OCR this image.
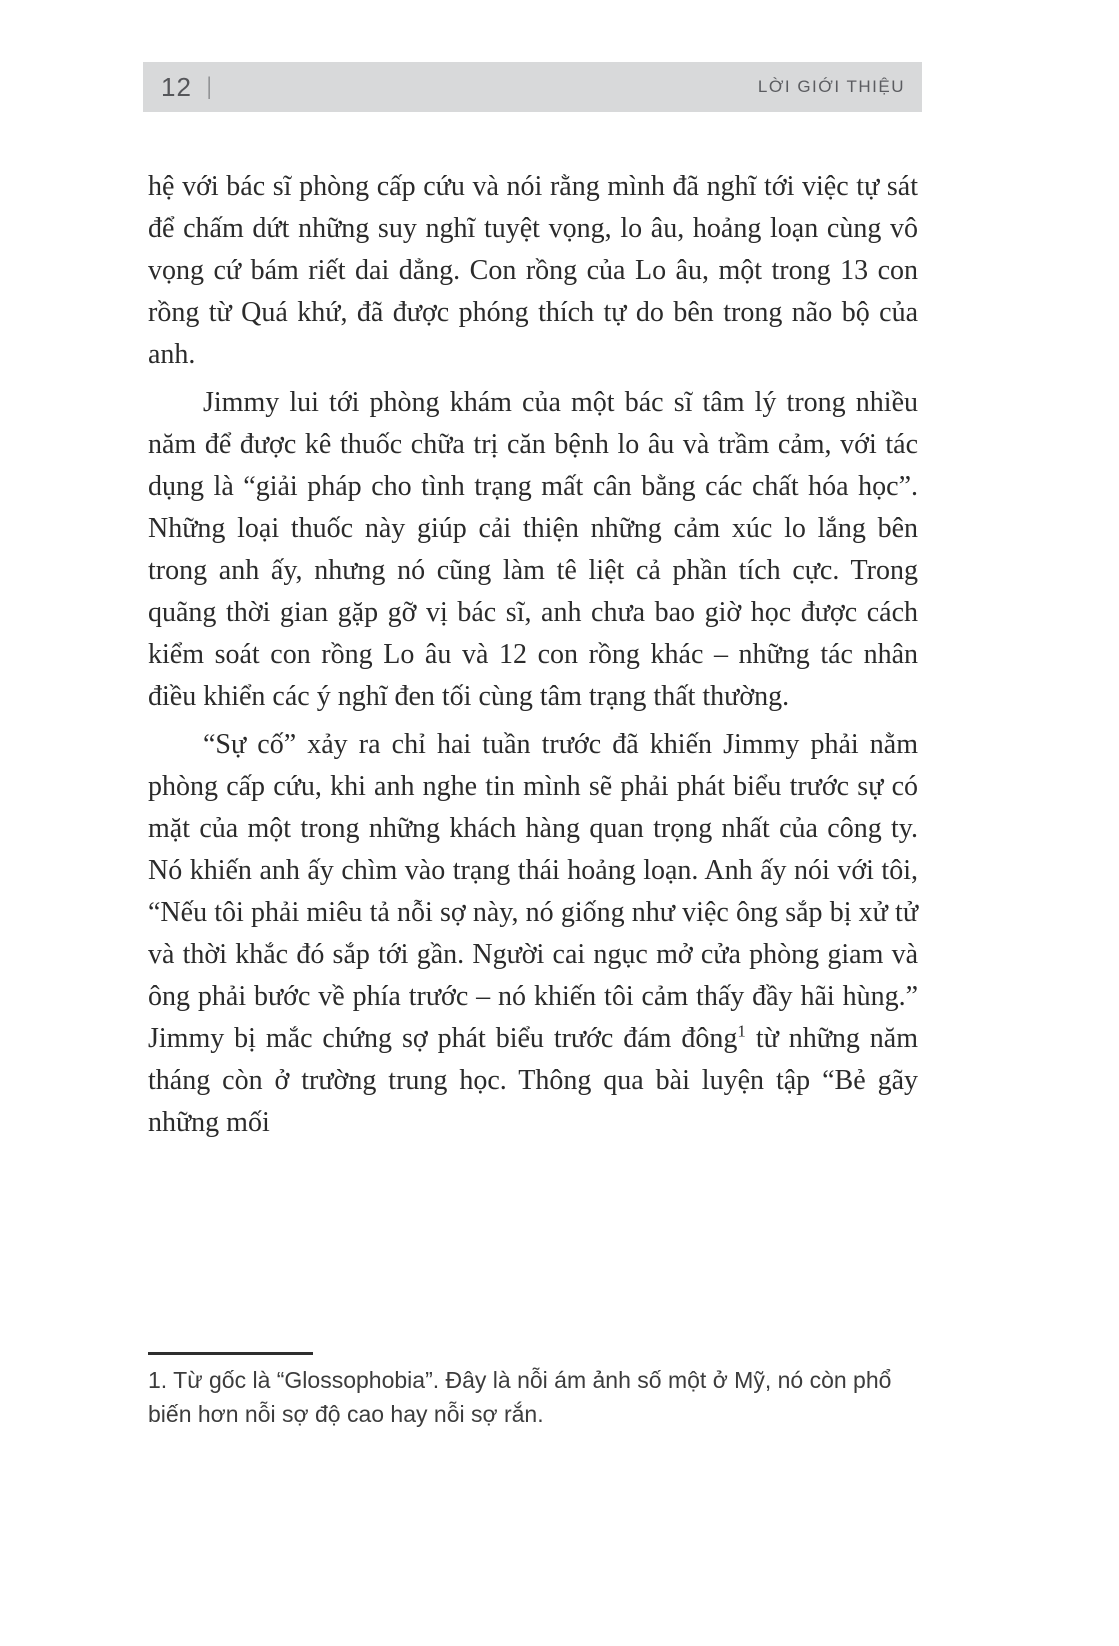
12 |	LỜI GIỚI THIỆU

hệ với bác sĩ phòng cấp cứu và nói rằng mình đã nghĩ tới việc tự sát để chấm dứt những suy nghĩ tuyệt vọng, lo âu, hoảng loạn cùng vô vọng cứ bám riết dai dẳng. Con rồng của Lo âu, một trong 13 con rồng từ Quá khứ, đã được phóng thích tự do bên trong não bộ của anh.

Jimmy lui tới phòng khám của một bác sĩ tâm lý trong nhiều năm để được kê thuốc chữa trị căn bệnh lo âu và trầm cảm, với tác dụng là “giải pháp cho tình trạng mất cân bằng các chất hóa học”. Những loại thuốc này giúp cải thiện những cảm xúc lo lắng bên trong anh ấy, nhưng nó cũng làm tê liệt cả phần tích cực. Trong quãng thời gian gặp gỡ vị bác sĩ, anh chưa bao giờ học được cách kiểm soát con rồng Lo âu và 12 con rồng khác – những tác nhân điều khiển các ý nghĩ đen tối cùng tâm trạng thất thường.

“Sự cố” xảy ra chỉ hai tuần trước đã khiến Jimmy phải nằm phòng cấp cứu, khi anh nghe tin mình sẽ phải phát biểu trước sự có mặt của một trong những khách hàng quan trọng nhất của công ty. Nó khiến anh ấy chìm vào trạng thái hoảng loạn. Anh ấy nói với tôi, “Nếu tôi phải miêu tả nỗi sợ này, nó giống như việc ông sắp bị xử tử và thời khắc đó sắp tới gần. Người cai ngục mở cửa phòng giam và ông phải bước về phía trước – nó khiến tôi cảm thấy đầy hãi hùng.” Jimmy bị mắc chứng sợ phát biểu trước đám đông$^1$ từ những năm tháng còn ở trường trung học. Thông qua bài luyện tập “Bẻ gãy những mối

1. Từ gốc là “Glossophobia”. Đây là nỗi ám ảnh số một ở Mỹ, nó còn phổ biến hơn nỗi sợ độ cao hay nỗi sợ rắn.
